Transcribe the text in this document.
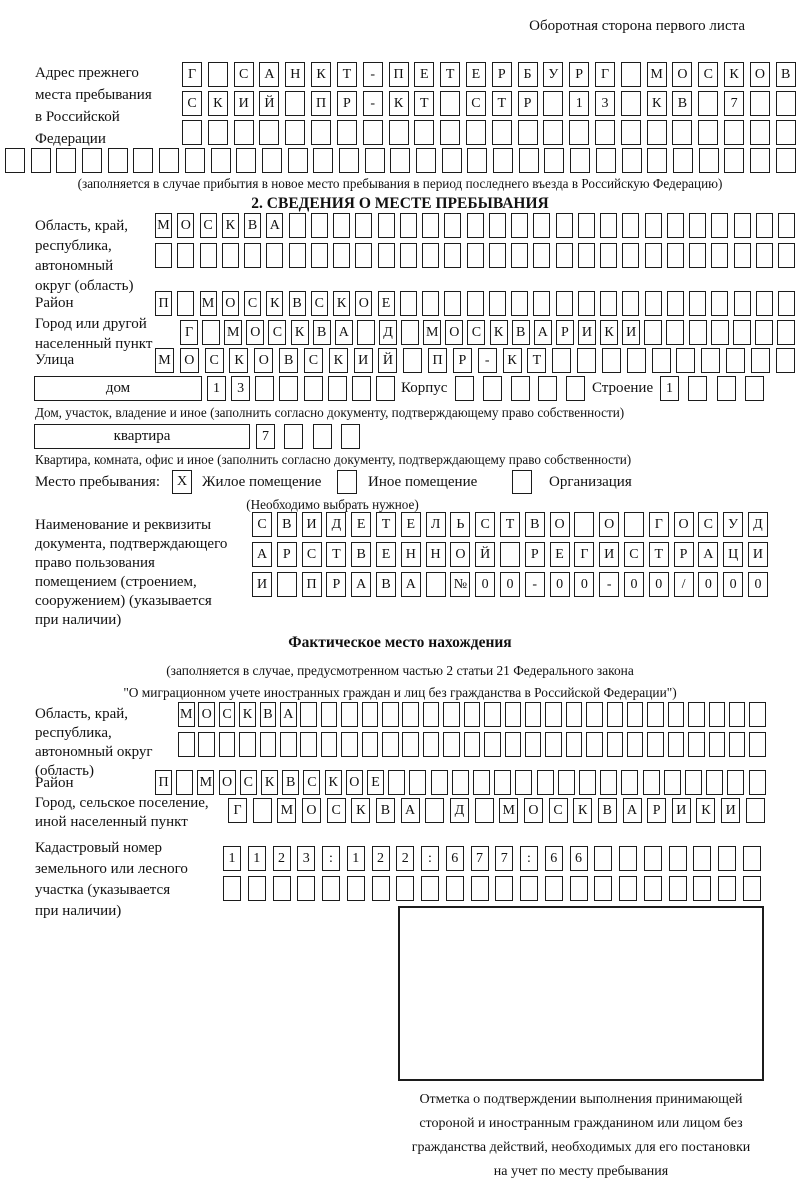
Оборотная сторона первого листа
Адрес прежнего
места пребывания
в Российской
Федерации
Г	С	А	Н	К	Т	-	П	Е	Т	Е	Р	Б	У	Р	Г	М	О	С	К	О	В
С	К	И	Й	П	Р	-	К	Т	С	Т	Р	1	3	К	В	7
(заполняется в случае прибытия в новое место пребывания в период последнего въезда в Российскую Федерацию)
2. СВЕДЕНИЯ О МЕСТЕ ПРЕБЫВАНИЯ
Область, край,
республика,
автономный
округ (область)
М О С К В А
Район	П М О С К В С К О Е
Город или другой
населенный пункт
Г	М О С К В А	Д	М О С К В А Р И К И
Улица	М О	С	К	О	В	С	К	И	Й	П	Р	-	К	Т
дом	1	3	Корпус	Строение 1
Дом, участок, владение и иное (заполнить согласно документу, подтверждающему право собственности)
квартира	7
Квартира, комната, офис и иное (заполнить согласно документу, подтверждающему право собственности)
Место пребывания:	X Жилое помещение	Иное помещение	Организация
(Необходимо выбрать нужное)
Наименование и реквизиты
документа, подтверждающего
право пользования
помещением (строением,
сооружением) (указывается
при наличии)
С	В	И	Д	Е	Т	Е	Л	Ь	С	Т	В	О	О	Г	О	С	У	Д
А	Р	С	Т	В	Е	Н	Н	О	Й	Р	Е	Г	И	С	Т	Р	А	Ц	И
И	П	Р	А	В	А	№	0	0	-	0	0	-	0	0	/	0	0	0
Фактическое место нахождения
(заполняется в случае, предусмотренном частью 2 статьи 21 Федерального закона
"О миграционном учете иностранных граждан и лиц без гражданства в Российской Федерации")
Область, край,
республика,
автономный округ
(область)
М О С К В А
Район	П М О С К В С К О Е
Город, сельское поселение,
иной населенный пункт
Г	М О	С	К	В	А	Д	М О	С	К	В	А	Р	И	К	И
Кадастровый номер
земельного или лесного
участка (указывается
при наличии)
1	1	2	3	:	1	2	2	:	6	7	7	:	6	6
Отметка о подтверждении выполнения принимающей
стороной и иностранным гражданином или лицом без
гражданства действий, необходимых для его постановки
на учет по месту пребывания
